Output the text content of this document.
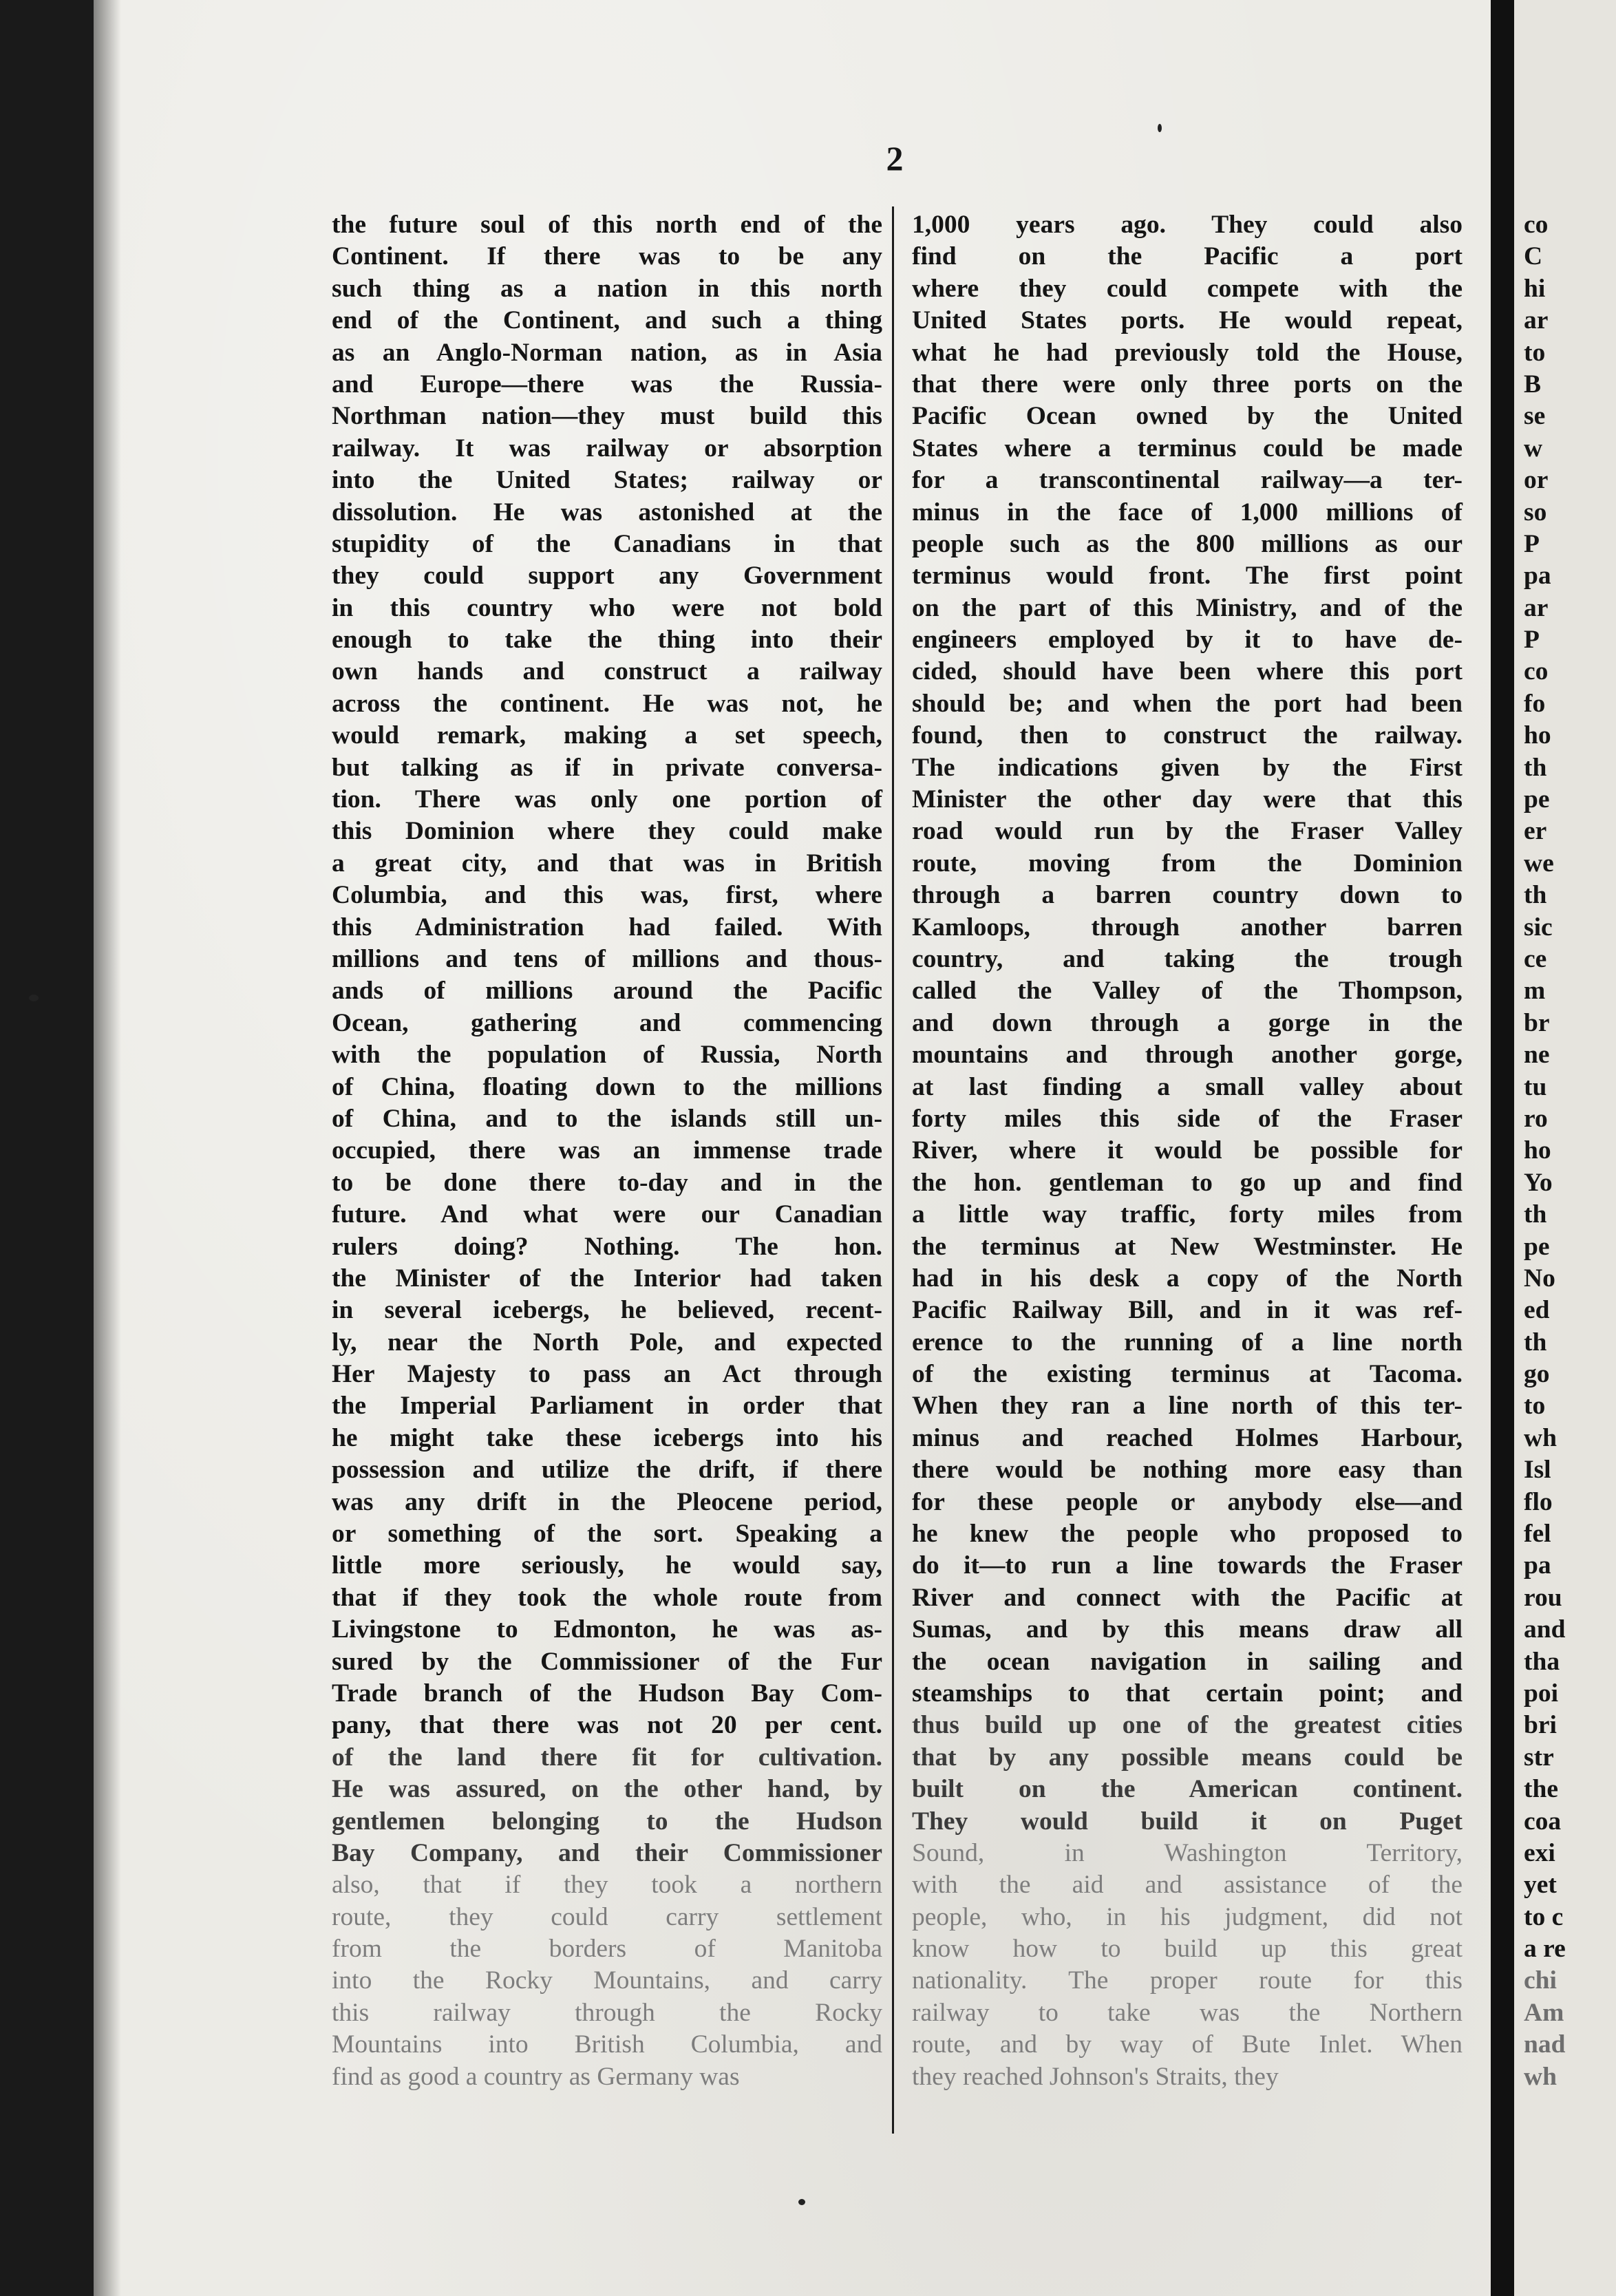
2
the future soul of this north end of the
Continent. If there was to be any
such thing as a nation in this north
end of the Continent, and such a thing
as an Anglo-Norman nation, as in Asia
and Europe—there was the Russia-
Northman nation—they must build this
railway. It was railway or absorption
into the United States; railway or
dissolution. He was astonished at the
stupidity of the Canadians in that
they could support any Government
in this country who were not bold
enough to take the thing into their
own hands and construct a railway
across the continent. He was not, he
would remark, making a set speech,
but talking as if in private conversa-
tion. There was only one portion of
this Dominion where they could make
a great city, and that was in British
Columbia, and this was, first, where
this Administration had failed. With
millions and tens of millions and thous-
ands of millions around the Pacific
Ocean, gathering and commencing
with the population of Russia, North
of China, floating down to the millions
of China, and to the islands still un-
occupied, there was an immense trade
to be done there to-day and in the
future. And what were our Canadian
rulers doing? Nothing. The hon.
the Minister of the Interior had taken
in several icebergs, he believed, recent-
ly, near the North Pole, and expected
Her Majesty to pass an Act through
the Imperial Parliament in order that
he might take these icebergs into his
possession and utilize the drift, if there
was any drift in the Pleocene period,
or something of the sort. Speaking a
little more seriously, he would say,
that if they took the whole route from
Livingstone to Edmonton, he was as-
sured by the Commissioner of the Fur
Trade branch of the Hudson Bay Com-
pany, that there was not 20 per cent.
of the land there fit for cultivation.
He was assured, on the other hand, by
gentlemen belonging to the Hudson
Bay Company, and their Commissioner
also, that if they took a northern
route, they could carry settlement
from the borders of Manitoba
into the Rocky Mountains, and carry
this railway through the Rocky
Mountains into British Columbia, and
find as good a country as Germany was
1,000 years ago. They could also
find on the Pacific a port
where they could compete with the
United States ports. He would repeat,
what he had previously told the House,
that there were only three ports on the
Pacific Ocean owned by the United
States where a terminus could be made
for a transcontinental railway—a ter-
minus in the face of 1,000 millions of
people such as the 800 millions as our
terminus would front. The first point
on the part of this Ministry, and of the
engineers employed by it to have de-
cided, should have been where this port
should be; and when the port had been
found, then to construct the railway.
The indications given by the First
Minister the other day were that this
road would run by the Fraser Valley
route, moving from the Dominion
through a barren country down to
Kamloops, through another barren
country, and taking the trough
called the Valley of the Thompson,
and down through a gorge in the
mountains and through another gorge,
at last finding a small valley about
forty miles this side of the Fraser
River, where it would be possible for
the hon. gentleman to go up and find
a little way traffic, forty miles from
the terminus at New Westminster. He
had in his desk a copy of the North
Pacific Railway Bill, and in it was ref-
erence to the running of a line north
of the existing terminus at Tacoma.
When they ran a line north of this ter-
minus and reached Holmes Harbour,
there would be nothing more easy than
for these people or anybody else—and
he knew the people who proposed to
do it—to run a line towards the Fraser
River and connect with the Pacific at
Sumas, and by this means draw all
the ocean navigation in sailing and
steamships to that certain point; and
thus build up one of the greatest cities
that by any possible means could be
built on the American continent.
They would build it on Puget
Sound, in Washington Territory,
with the aid and assistance of the
people, who, in his judgment, did not
know how to build up this great
nationality. The proper route for this
railway to take was the Northern
route, and by way of Bute Inlet. When
they reached Johnson's Straits, they
co
C
hi
ar
to
B
se
w
or
so
P
pa
ar
P
co
fo
ho
th
pe
er
we
th
sic
ce
m
br
ne
tu
ro
ho
Yo
th
pe
No
ed
th
go
to
wh
Isl
flo
fel
pa
rou
and
tha
poi
bri
str
the
coa
exi
yet
to c
a re
chi
Am
nad
wh
